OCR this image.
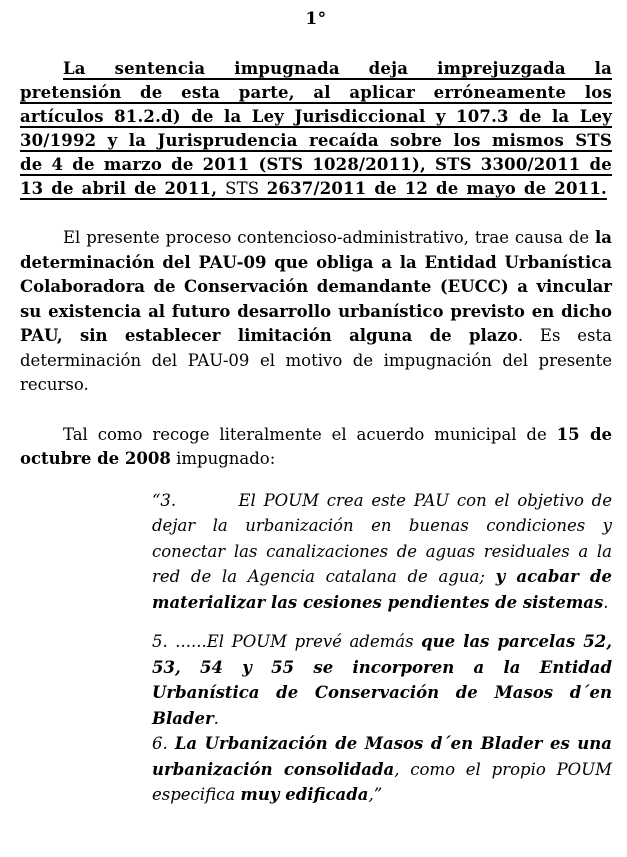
1°

La sentencia impugnada deja imprejuzgada la pretensión de esta parte, al aplicar erróneamente los artículos 81.2.d) de la Ley Jurisdiccional y 107.3 de la Ley 30/1992 y la Jurisprudencia recaída sobre los mismos STS de 4 de marzo de 2011 (STS 1028/2011), STS 3300/2011 de 13 de abril de 2011, STS 2637/2011 de 12 de mayo de 2011.

El presente proceso contencioso-administrativo, trae causa de la determinación del PAU-09 que obliga a la Entidad Urbanística Colaboradora de Conservación demandante (EUCC) a vincular su existencia al futuro desarrollo urbanístico previsto en dicho PAU, sin establecer limitación alguna de plazo. Es esta determinación del PAU-09 el motivo de impugnación del presente recurso.

Tal como recoge literalmente el acuerdo municipal de 15 de octubre de 2008 impugnado:

“3.        El POUM crea este PAU con el objetivo de dejar la urbanización en buenas condiciones y conectar las canalizaciones de aguas residuales a la red de la Agencia catalana de agua; y acabar de materializar las cesiones pendientes de sistemas.

5. ......El POUM prevé además que las parcelas 52, 53, 54 y 55 se incorporen a la Entidad Urbanística de Conservación de Masos d´en Blader.

6. La Urbanización de Masos d´en Blader es una urbanización consolidada, como el propio POUM especifica muy edificada,”
